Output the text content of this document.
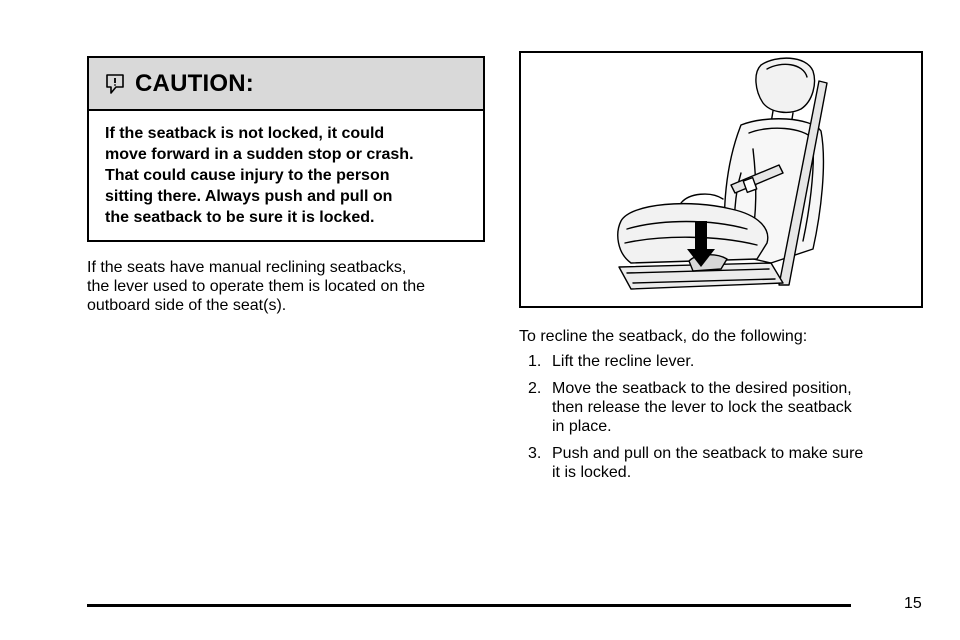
CAUTION:
If the seatback is not locked, it could
move forward in a sudden stop or crash.
That could cause injury to the person
sitting there. Always push and pull on
the seatback to be sure it is locked.
If the seats have manual reclining seatbacks,
the lever used to operate them is located on the
outboard side of the seat(s).
To recline the seatback, do the following:
1. Lift the recline lever.
2. Move the seatback to the desired position,
then release the lever to lock the seatback
in place.
3. Push and pull on the seatback to make sure
it is locked.
15
